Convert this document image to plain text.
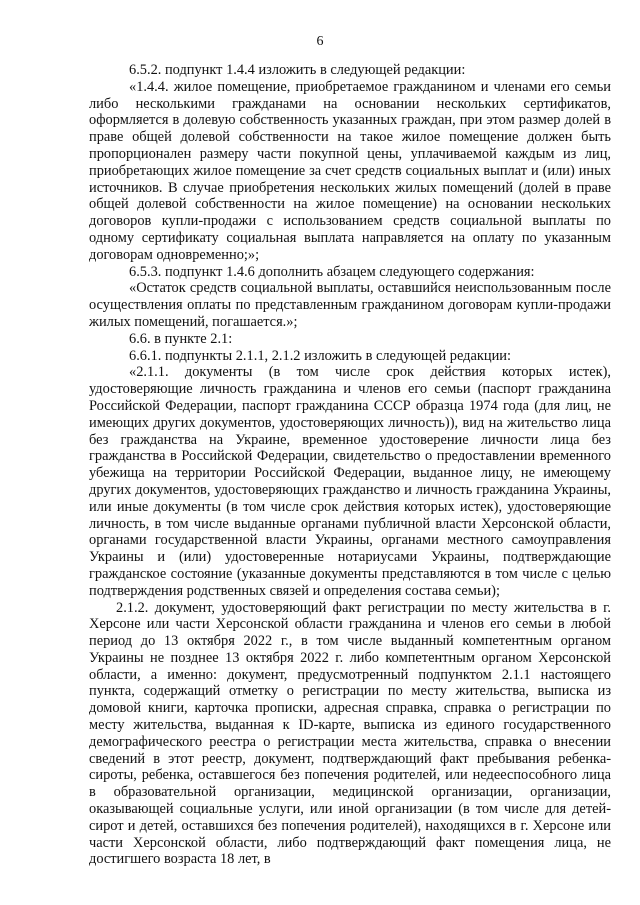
6

6.5.2. подпункт 1.4.4 изложить в следующей редакции:

«1.4.4. жилое помещение, приобретаемое гражданином и членами его семьи либо несколькими гражданами на основании нескольких сертификатов, оформляется в долевую собственность указанных граждан, при этом размер долей в праве общей долевой собственности на такое жилое помещение должен быть пропорционален размеру части покупной цены, уплачиваемой каждым из лиц, приобретающих жилое помещение за счет средств социальных выплат и (или) иных источников. В случае приобретения нескольких жилых помещений (долей в праве общей долевой собственности на жилое помещение) на основании нескольких договоров купли-продажи с использованием средств социальной выплаты по одному сертификату социальная выплата направляется на оплату по указанным договорам одновременно;»;

6.5.3. подпункт 1.4.6 дополнить абзацем следующего содержания:

«Остаток средств социальной выплаты, оставшийся неиспользованным после осуществления оплаты по представленным гражданином договорам купли-продажи жилых помещений, погашается.»;

6.6. в пункте 2.1:

6.6.1. подпункты 2.1.1, 2.1.2 изложить в следующей редакции:

«2.1.1. документы (в том числе срок действия которых истек), удостоверяющие личность гражданина и членов его семьи (паспорт гражданина Российской Федерации, паспорт гражданина СССР образца 1974 года (для лиц, не имеющих других документов, удостоверяющих личность)), вид на жительство лица без гражданства на Украине, временное удостоверение личности лица без гражданства в Российской Федерации, свидетельство о предоставлении временного убежища на территории Российской Федерации, выданное лицу, не имеющему других документов, удостоверяющих гражданство и личность гражданина Украины, или иные документы (в том числе срок действия которых истек), удостоверяющие личность, в том числе выданные органами публичной власти Херсонской области, органами государственной власти Украины, органами местного самоуправления Украины и (или) удостоверенные нотариусами Украины, подтверждающие гражданское состояние (указанные документы представляются в том числе с целью подтверждения родственных связей и определения состава семьи);

2.1.2. документ, удостоверяющий факт регистрации по месту жительства в г. Херсоне или части Херсонской области гражданина и членов его семьи в любой период до 13 октября 2022 г., в том числе выданный компетентным органом Украины не позднее 13 октября 2022 г. либо компетентным органом Херсонской области, а именно: документ, предусмотренный подпунктом 2.1.1 настоящего пункта, содержащий отметку о регистрации по месту жительства, выписка из домовой книги, карточка прописки, адресная справка, справка о регистрации по месту жительства, выданная к ID-карте, выписка из единого государственного демографического реестра о регистрации места жительства, справка о внесении сведений в этот реестр, документ, подтверждающий факт пребывания ребенка-сироты, ребенка, оставшегося без попечения родителей, или недееспособного лица в образовательной организации, медицинской организации, организации, оказывающей социальные услуги, или иной организации (в том числе для детей-сирот и детей, оставшихся без попечения родителей), находящихся в г. Херсоне или части Херсонской области, либо подтверждающий факт помещения лица, не достигшего возраста 18 лет, в
